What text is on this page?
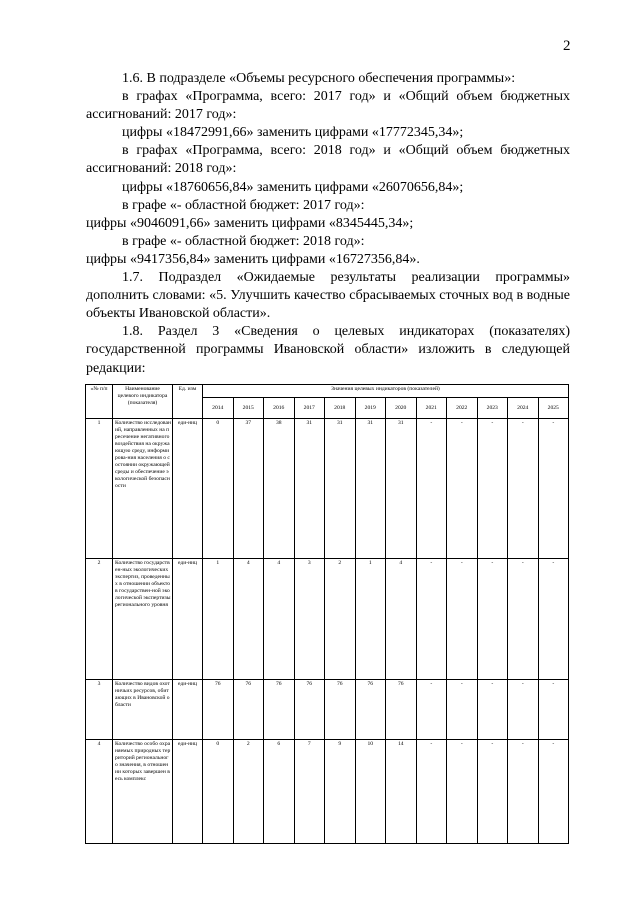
2

1.6. В подразделе «Объемы ресурсного обеспечения программы»:

в графах «Программа, всего: 2017 год» и «Общий объем бюджетных ассигнований: 2017 год»:

цифры «18472991,66» заменить цифрами «17772345,34»;

в графах «Программа, всего: 2018 год» и «Общий объем бюджетных ассигнований: 2018 год»:

цифры «18760656,84» заменить цифрами «26070656,84»;

в графе «- областной бюджет: 2017 год»:

цифры «9046091,66» заменить цифрами «8345445,34»;

в графе «- областной бюджет: 2018 год»:

цифры «9417356,84» заменить цифрами «16727356,84».

1.7. Подраздел «Ожидаемые результаты реализации программы» дополнить словами: «5. Улучшить качество сбрасываемых сточных вод в водные объекты Ивановской области».

1.8. Раздел 3 «Сведения о целевых индикаторах (показателях) государственной программы Ивановской области» изложить в следующей редакции:

«№ п/п	Наименование целевого индикатора (показателя)	Ед. изм	Значения целевых индикаторов (показателей)											
			2014	2015	2016	2017	2018	2019	2020	2021	2022	2023	2024	2025
1	Количество исследований, направленных на пресечение негативного воздействия на окружающую среду, информирова-ния населения о состоянии окружающей среды и обеспечение экологической безопасности	еди-ниц	0	37	38	31	31	31	31	-	-	-	-	-
2	Количество государствен-ных экологических экспертиз, проведенных в отношении объектов государствен-ной экологической экспертизы регионального уровня	еди-ниц	1	4	4	3	2	1	4	-	-	-	-	-
3	Количество видов охотничьих ресурсов, обитающих в Ивановской области	еди-ниц	76	76	76	76	76	76	76	-	-	-	-	-
4	Количество особо охраняемых природных территорий регионального значения, в отношении которых завершен весь комплекс	еди-ниц	0	2	6	7	9	10	14	-	-	-	-	-
